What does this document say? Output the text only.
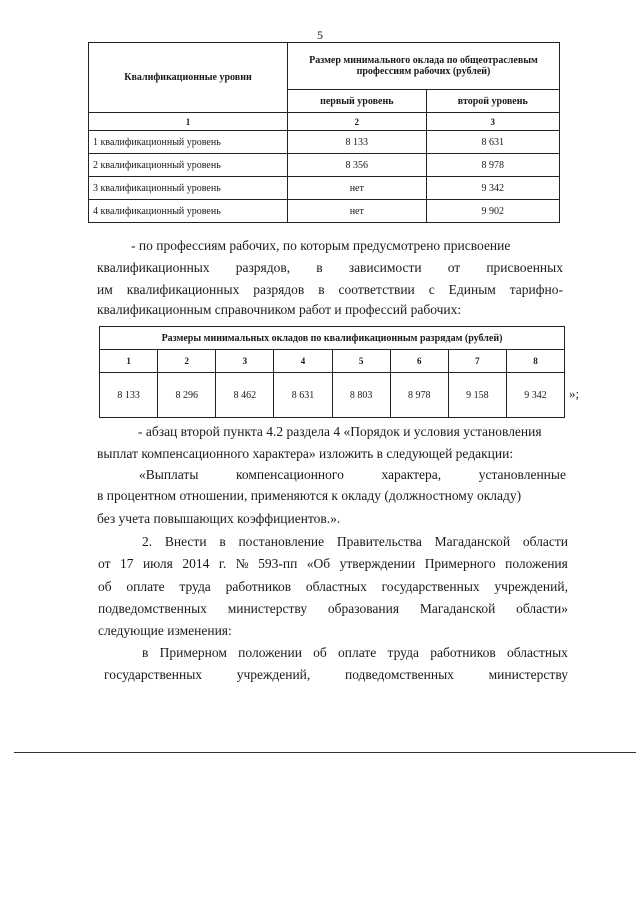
5
Квалификационные уровни	Размер минимального оклада по общеотраслевым профессиям рабочих (рублей)	
	первый уровень	второй уровень
1	2	3
1 квалификационный уровень	8 133	8 631
2 квалификационный уровень	8 356	8 978
3 квалификационный уровень	нет	9 342
4 квалификационный уровень	нет	9 902
- по профессиям рабочих, по которым предусмотрено присвоение
квалификационных разрядов, в зависимости от присвоенных
им квалификационных разрядов в соответствии с Единым тарифно-
квалификационным справочником работ и профессий рабочих:
Размеры минимальных окладов по квалификационным разрядам (рублей)							
1	2	3	4	5	6	7	8
8 133	8 296	8 462	8 631	8 803	8 978	9 158	9 342 »;
- абзац второй пункта 4.2 раздела 4 «Порядок и условия установления
выплат компенсационного характера» изложить в следующей редакции:
«Выплаты	компенсационного	характера,	установленные
в процентном отношении, применяются к окладу (должностному окладу)
без учета повышающих коэффициентов.».
2. Внести в постановление Правительства Магаданской области
от 17 июля 2014 г. № 593-пп «Об утверждении Примерного положения
об оплате труда работников областных государственных учреждений,
подведомственных министерству образования Магаданской области»
следующие изменения:
в Примерном положении об оплате труда работников областных
государственных	учреждений,	подведомственных	министерству
